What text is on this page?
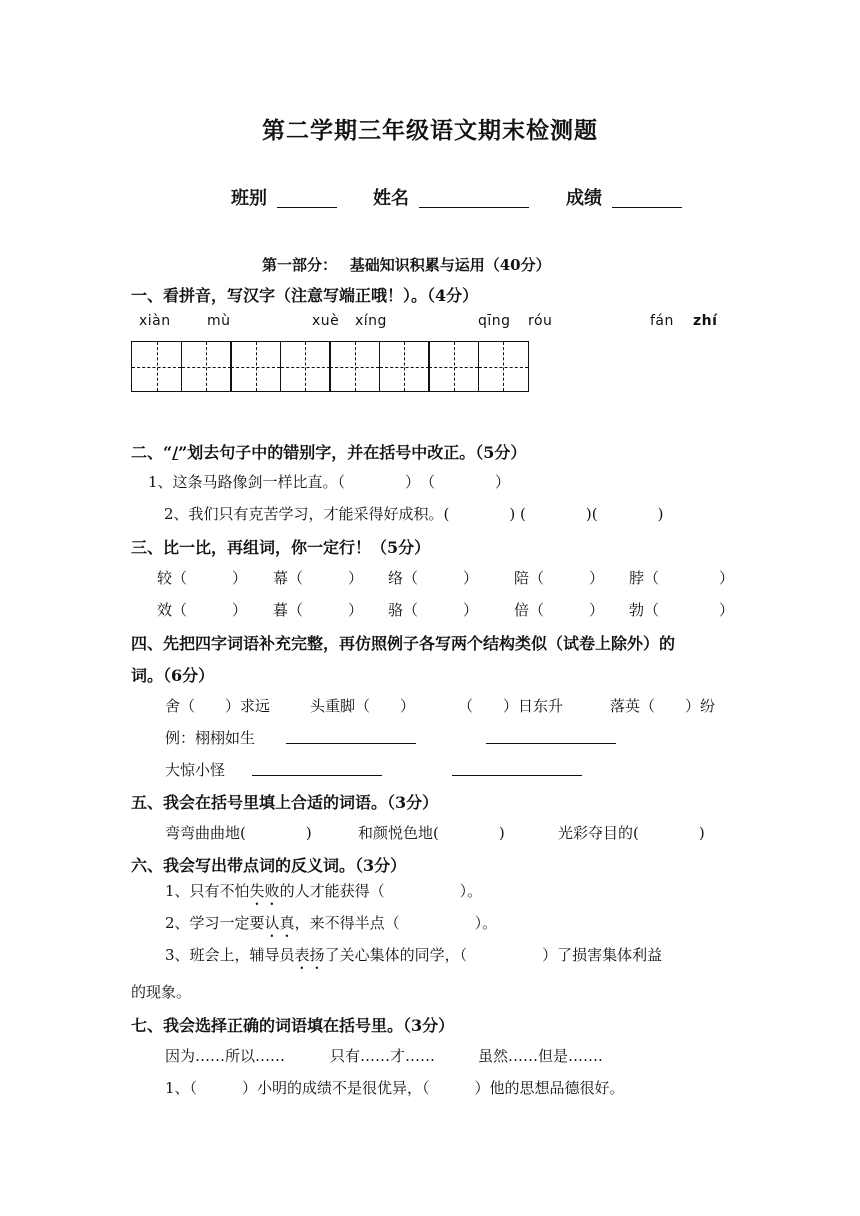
第二学期三年级语文期末检测题
班别	姓名	成绩
第一部分：　 基础知识积累与运用（40分）
一、看拼音，写汉字（注意写端正哦！）。（4分）
xiàn	mù	xuè xíng	qīng róu	fán zhí
二、“/”划去句子中的错别字，并在括号中改正。（5分）
1、这条马路像剑一样比直。（　　　　）　（　　　　）
2、我们只有克苦学习，才能采得好成积。(　　　　) (　　　　)(　　　　)
三、比一比，再组词，你一定行！（5分）
较（　　　） 幕（　　　） 络（　　　） 陪（　　　） 脖（　　　　）
效（　　　） 暮（　　　） 骆（　　　） 倍（　　　） 勃（　　　　）
四、先把四字词语补充完整，再仿照例子各写两个结构类似（试卷上除外）的
词。（6分）
舍（　　）求远	头重脚（　　）	（　　）日东升	落英（　　）纷
例：栩栩如生
大惊小怪
五、我会在括号里填上合适的词语。（3分）
弯弯曲曲地(　　　　)	和颜悦色地(　　　　)	光彩夺目的(　　　　)
六、我会写出带点词的反义词。（3分）
1、只有不怕失败的人才能获得（　　　　　）。
2、学习一定要认真，来不得半点（　　　　　）。
3、班会上，辅导员表扬了关心集体的同学，（　　　　　）了损害集体利益
的现象。
七、我会选择正确的词语填在括号里。（3分）
因为……所以……	只有……才……	虽然……但是…….
1、（　　　）小明的成绩不是很优异，（　　　）他的思想品德很好。
